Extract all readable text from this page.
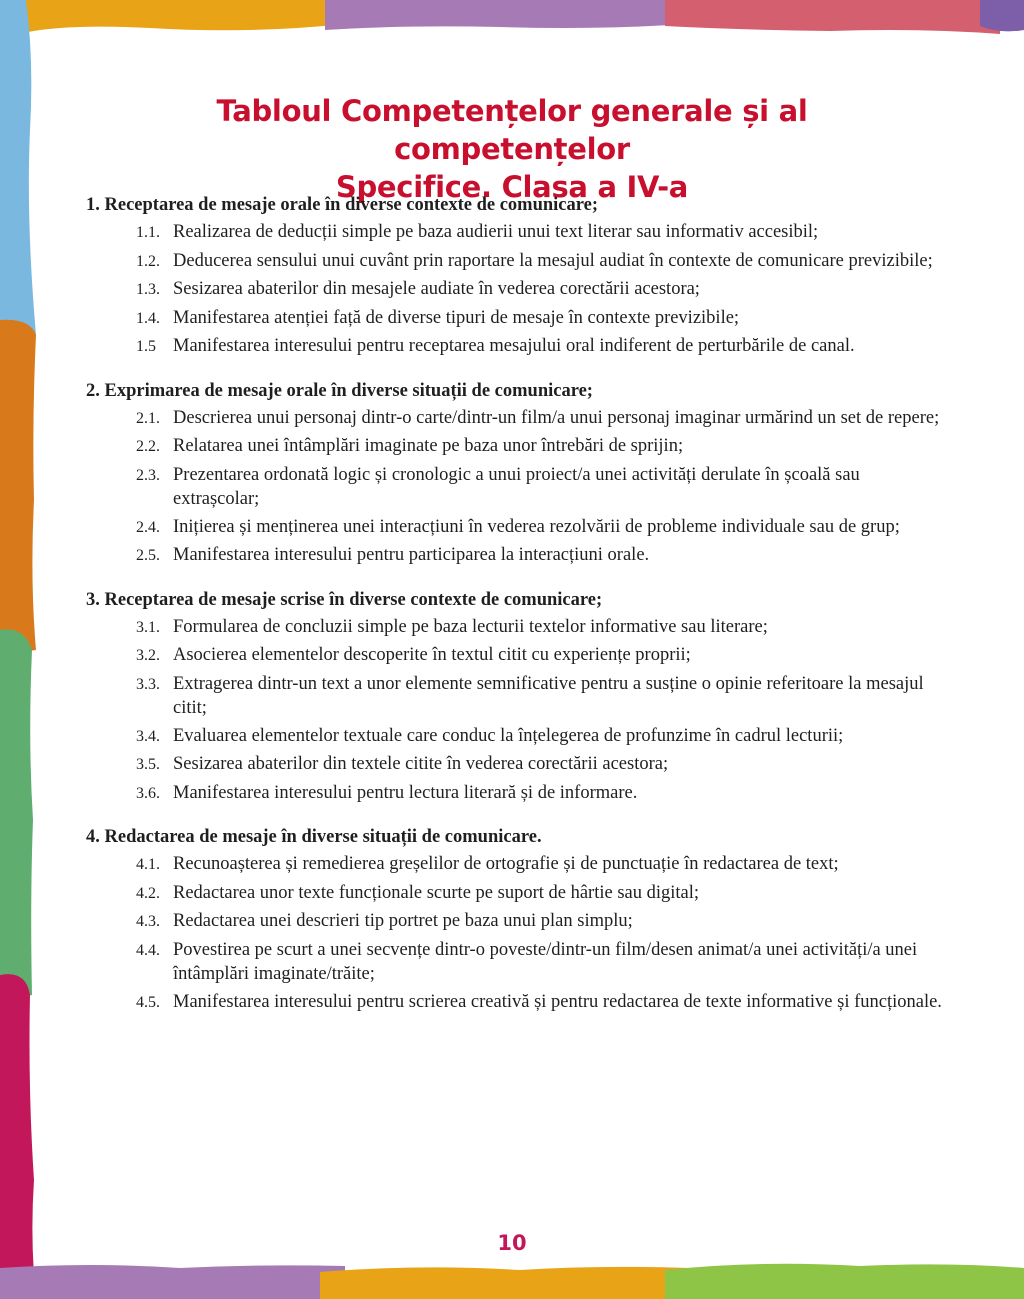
Tabloul Competențelor generale și al competențelor
Specifice. Clasa a IV-a

1. Receptarea de mesaje orale în diverse contexte de comunicare;

1.1. Realizarea de deducții simple pe baza audierii unui text literar sau informativ accesibil;
1.2. Deducerea sensului unui cuvânt prin raportare la mesajul audiat în contexte de comunicare previzibile;
1.3. Sesizarea abaterilor din mesajele audiate în vederea corectării acestora;
1.4. Manifestarea atenției față de diverse tipuri de mesaje în contexte previzibile;
1.5 Manifestarea interesului pentru receptarea mesajului oral indiferent de perturbările de canal.

2. Exprimarea de mesaje orale în diverse situații de comunicare;

2.1. Descrierea unui personaj dintr-o carte/dintr-un film/a unui personaj imaginar urmărind un set de repere;
2.2. Relatarea unei întâmplări imaginate pe baza unor întrebări de sprijin;
2.3. Prezentarea ordonată logic și cronologic a unui proiect/a unei activități derulate în școală sau extrașcolar;
2.4. Inițierea și menținerea unei interacțiuni în vederea rezolvării de probleme individuale sau de grup;
2.5. Manifestarea interesului pentru participarea la interacțiuni orale.

3. Receptarea de mesaje scrise în diverse contexte de comunicare;

3.1. Formularea de concluzii simple pe baza lecturii textelor informative sau literare;
3.2. Asocierea elementelor descoperite în textul citit cu experiențe proprii;
3.3. Extragerea dintr-un text a unor elemente semnificative pentru a susține o opinie referitoare la mesajul citit;
3.4. Evaluarea elementelor textuale care conduc la înțelegerea de profunzime în cadrul lecturii;
3.5. Sesizarea abaterilor din textele citite în vederea corectării acestora;
3.6. Manifestarea interesului pentru lectura literară și de informare.

4. Redactarea de mesaje în diverse situații de comunicare.

4.1. Recunoașterea și remedierea greșelilor de ortografie și de punctuație în redactarea de text;
4.2. Redactarea unor texte funcționale scurte pe suport de hârtie sau digital;
4.3. Redactarea unei descrieri tip portret pe baza unui plan simplu;
4.4. Povestirea pe scurt a unei secvențe dintr-o poveste/dintr-un film/desen animat/a unei activități/a unei întâmplări imaginate/trăite;
4.5. Manifestarea interesului pentru scrierea creativă și pentru redactarea de texte informative și funcționale.
10
